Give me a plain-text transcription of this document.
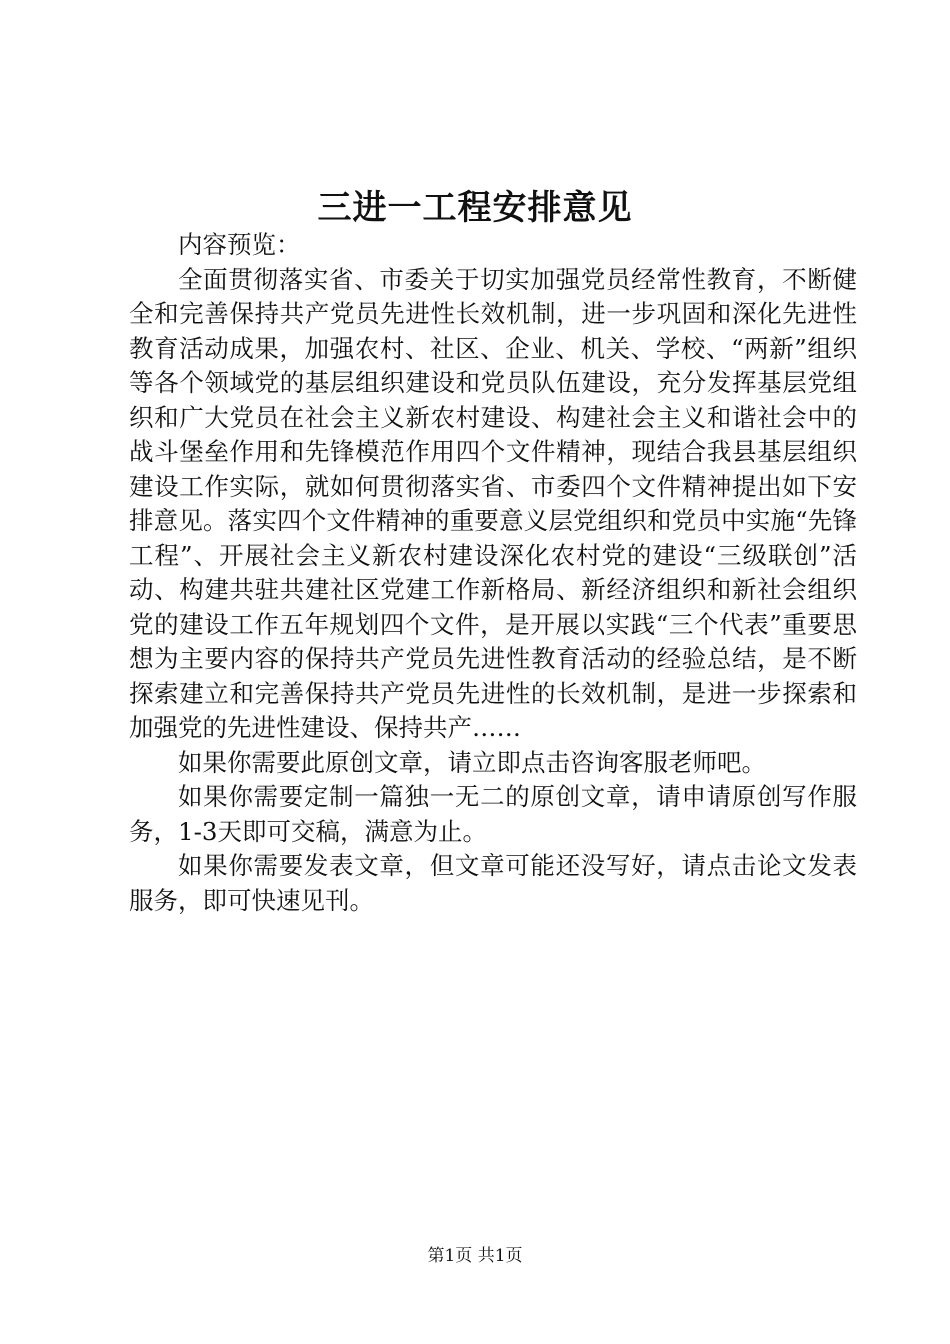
三进一工程安排意见

内容预览：

全面贯彻落实省、市委关于切实加强党员经常性教育，不断健全和完善保持共产党员先进性长效机制，进一步巩固和深化先进性教育活动成果，加强农村、社区、企业、机关、学校、“两新”组织等各个领域党的基层组织建设和党员队伍建设，充分发挥基层党组织和广大党员在社会主义新农村建设、构建社会主义和谐社会中的战斗堡垒作用和先锋模范作用四个文件精神，现结合我县基层组织建设工作实际，就如何贯彻落实省、市委四个文件精神提出如下安排意见。落实四个文件精神的重要意义层党组织和党员中实施“先锋工程”、开展社会主义新农村建设深化农村党的建设“三级联创”活动、构建共驻共建社区党建工作新格局、新经济组织和新社会组织党的建设工作五年规划四个文件，是开展以实践“三个代表”重要思想为主要内容的保持共产党员先进性教育活动的经验总结，是不断探索建立和完善保持共产党员先进性的长效机制，是进一步探索和加强党的先进性建设、保持共产……

如果你需要此原创文章，请立即点击咨询客服老师吧。

如果你需要定制一篇独一无二的原创文章，请申请原创写作服务，1-3天即可交稿，满意为止。

如果你需要发表文章，但文章可能还没写好，请点击论文发表服务，即可快速见刊。

第1页 共1页
